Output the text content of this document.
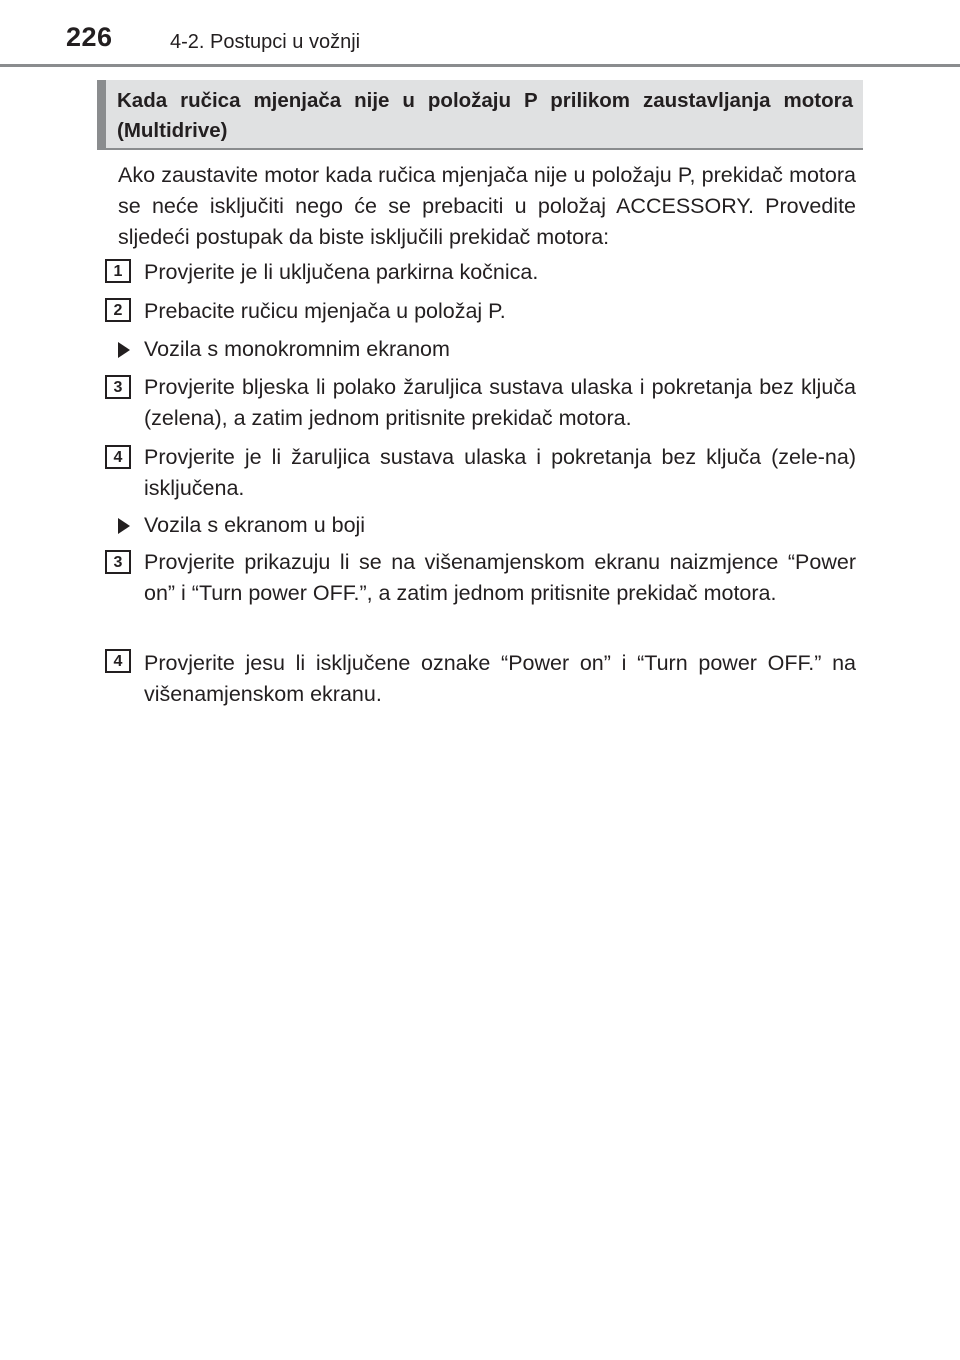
226	4-2. Postupci u vožnji
Kada ručica mjenjača nije u položaju P prilikom zaustavljanja motora (Multidrive)
Ako zaustavite motor kada ručica mjenjača nije u položaju P, prekidač motora se neće isključiti nego će se prebaciti u položaj ACCESSORY. Provedite sljedeći postupak da biste isključili prekidač motora:
1	Provjerite je li uključena parkirna kočnica.
2	Prebacite ručicu mjenjača u položaj P.
Vozila s monokromnim ekranom
3	Provjerite bljeska li polako žaruljica sustava ulaska i pokretanja bez ključa (zelena), a zatim jednom pritisnite prekidač motora.
4	Provjerite je li žaruljica sustava ulaska i pokretanja bez ključa (zele-na) isključena.
Vozila s ekranom u boji
3	Provjerite prikazuju li se na višenamjenskom ekranu naizmjence “Power on” i “Turn power OFF.”, a zatim jednom pritisnite prekidač motora.
4	Provjerite jesu li isključene oznake “Power on” i “Turn power OFF.” na višenamjenskom ekranu.
